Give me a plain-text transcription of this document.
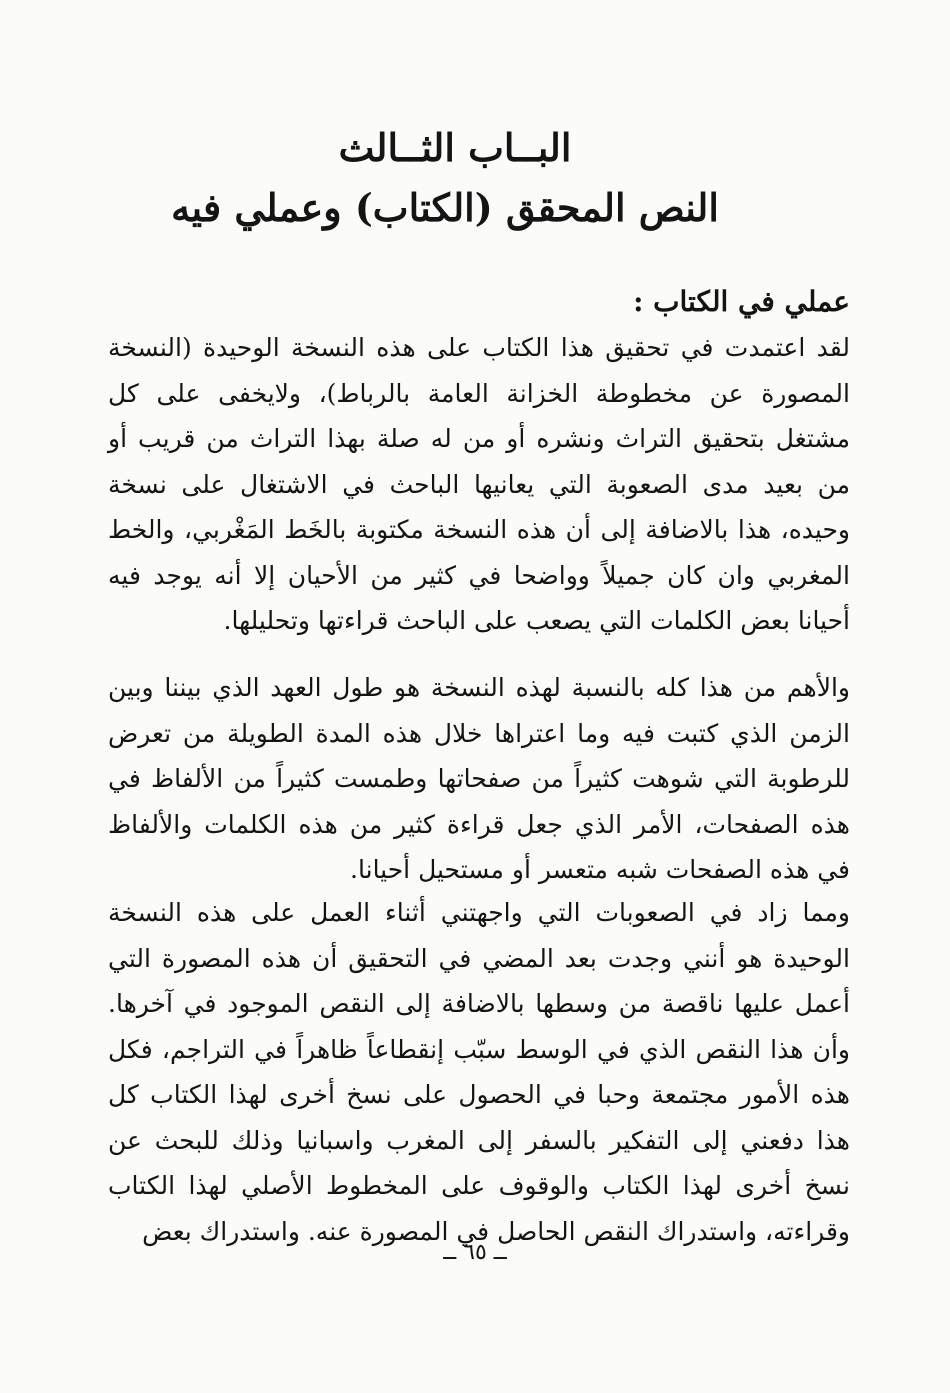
البــاب الثــالث
النص المحقق (الكتاب) وعملي فيه
عملي في الكتاب :

لقد اعتمدت في تحقيق هذا الكتاب على هذه النسخة الوحيدة (النسخة المصورة عن مخطوطة الخزانة العامة بالرباط)، ولايخفى على كل مشتغل بتحقيق التراث ونشره أو من له صلة بهذا التراث من قريب أو من بعيد مدى الصعوبة التي يعانيها الباحث في الاشتغال على نسخة وحيده، هذا بالاضافة إلى أن هذه النسخة مكتوبة بالخَط المَغْربي، والخط المغربي وان كان جميلاً وواضحا في كثير من الأحيان إلا أنه يوجد فيه أحيانا بعض الكلمات التي يصعب على الباحث قراءتها وتحليلها.

والأهم من هذا كله بالنسبة لهذه النسخة هو طول العهد الذي بيننا وبين الزمن الذي كتبت فيه وما اعتراها خلال هذه المدة الطويلة من تعرض للرطوبة التي شوهت كثيراً من صفحاتها وطمست كثيراً من الألفاظ في هذه الصفحات، الأمر الذي جعل قراءة كثير من هذه الكلمات والألفاظ في هذه الصفحات شبه متعسر أو مستحيل أحيانا.

ومما زاد في الصعوبات التي واجهتني أثناء العمل على هذه النسخة الوحيدة هو أنني وجدت بعد المضي في التحقيق أن هذه المصورة التي أعمل عليها ناقصة من وسطها بالاضافة إلى النقص الموجود في آخرها. وأن هذا النقص الذي في الوسط سبّب إنقطاعاً ظاهراً في التراجم، فكل هذه الأمور مجتمعة وحبا في الحصول على نسخ أخرى لهذا الكتاب كل هذا دفعني إلى التفكير بالسفر إلى المغرب واسبانيا وذلك للبحث عن نسخ أخرى لهذا الكتاب والوقوف على المخطوط الأصلي لهذا الكتاب وقراءته، واستدراك النقص الحاصل في المصورة عنه. واستدراك بعض

ــ ٦٥ ــ
